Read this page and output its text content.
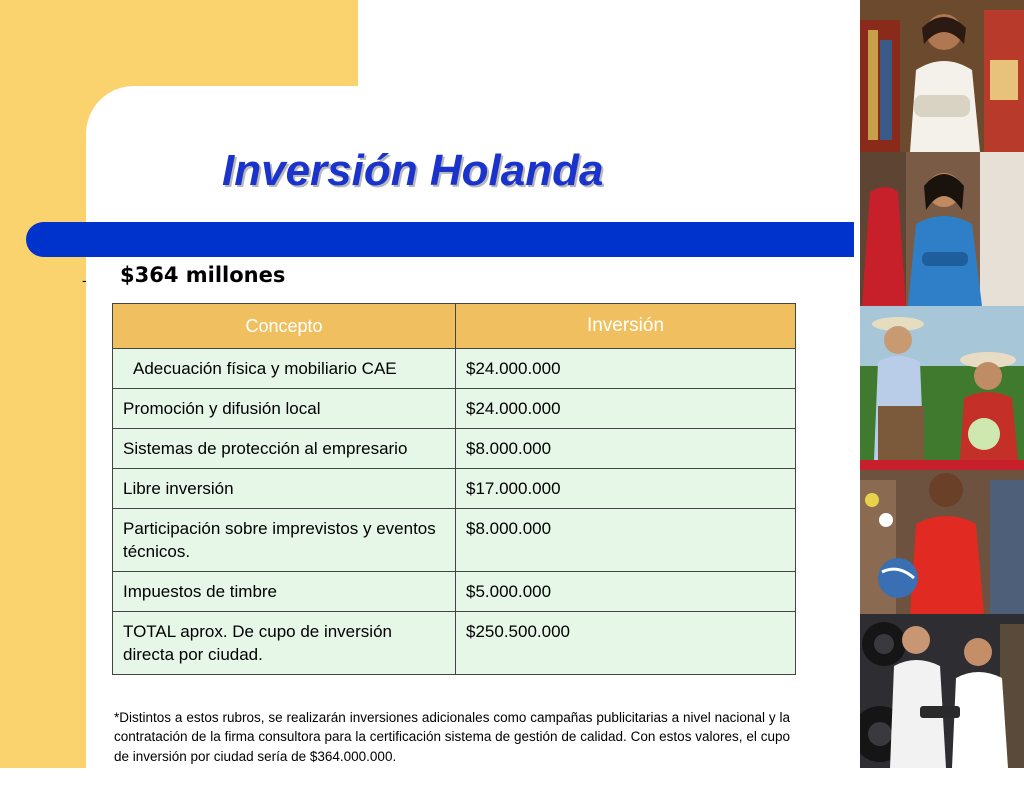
Inversión Holanda
- $364 millones
Concepto	Inversión
Adecuación física y mobiliario CAE	$24.000.000
Promoción y difusión local	$24.000.000
Sistemas de protección al empresario	$8.000.000
Libre inversión	$17.000.000
Participación sobre imprevistos y eventos técnicos.	$8.000.000
Impuestos de timbre	$5.000.000
TOTAL aprox. De cupo de inversión directa por ciudad.	$250.500.000

*Distintos a estos rubros, se realizarán inversiones adicionales como campañas publicitarias a nivel nacional y la contratación de la firma consultora para la certificación sistema de gestión de calidad. Con estos valores, el cupo de inversión por ciudad sería de $364.000.000.
